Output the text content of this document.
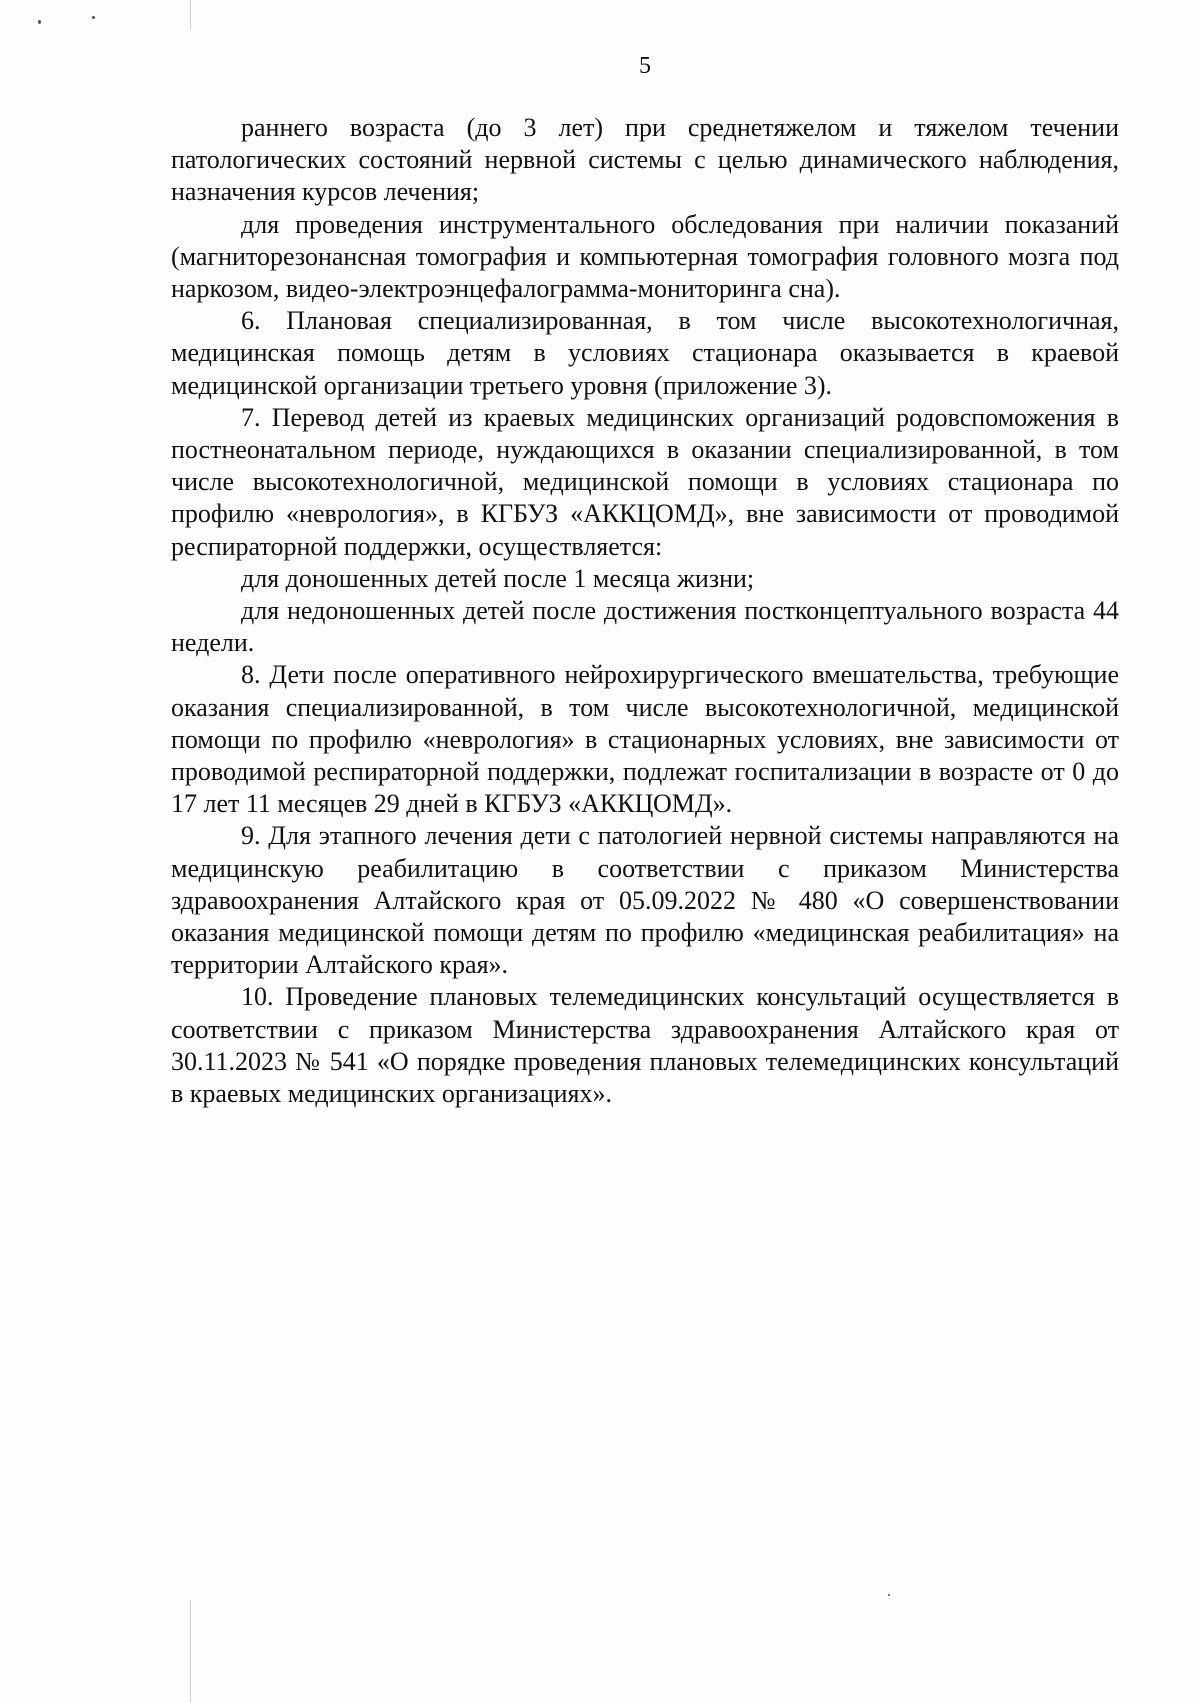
5

раннего возраста (до 3 лет) при среднетяжелом и тяжелом течении патологических состояний нервной системы с целью динамического наблюдения, назначения курсов лечения;

для проведения инструментального обследования при наличии показаний (магниторезонансная томография и компьютерная томография головного мозга под наркозом, видео-электроэнцефалограмма-мониторинга сна).

6. Плановая специализированная, в том числе высокотехнологичная, медицинская помощь детям в условиях стационара оказывается в краевой медицинской организации третьего уровня (приложение 3).

7. Перевод детей из краевых медицинских организаций родовспоможения в постнеонатальном периоде, нуждающихся в оказании специализированной, в том числе высокотехнологичной, медицинской помощи в условиях стационара по профилю «неврология», в КГБУЗ «АККЦОМД», вне зависимости от проводимой респираторной поддержки, осуществляется:

для доношенных детей после 1 месяца жизни;

для недоношенных детей после достижения постконцептуального возраста 44 недели.

8. Дети после оперативного нейрохирургического вмешательства, требующие оказания специализированной, в том числе высокотехнологичной, медицинской помощи по профилю «неврология» в стационарных условиях, вне зависимости от проводимой респираторной поддержки, подлежат госпитализации в возрасте от 0 до 17 лет 11 месяцев 29 дней в КГБУЗ «АККЦОМД».

9. Для этапного лечения дети с патологией нервной системы направляются на медицинскую реабилитацию в соответствии с приказом Министерства здравоохранения Алтайского края от 05.09.2022 № 480 «О совершенствовании оказания медицинской помощи детям по профилю «медицинская реабилитация» на территории Алтайского края».

10. Проведение плановых телемедицинских консультаций осуществляется в соответствии с приказом Министерства здравоохранения Алтайского края от 30.11.2023 № 541 «О порядке проведения плановых телемедицинских консультаций в краевых медицинских организациях».
